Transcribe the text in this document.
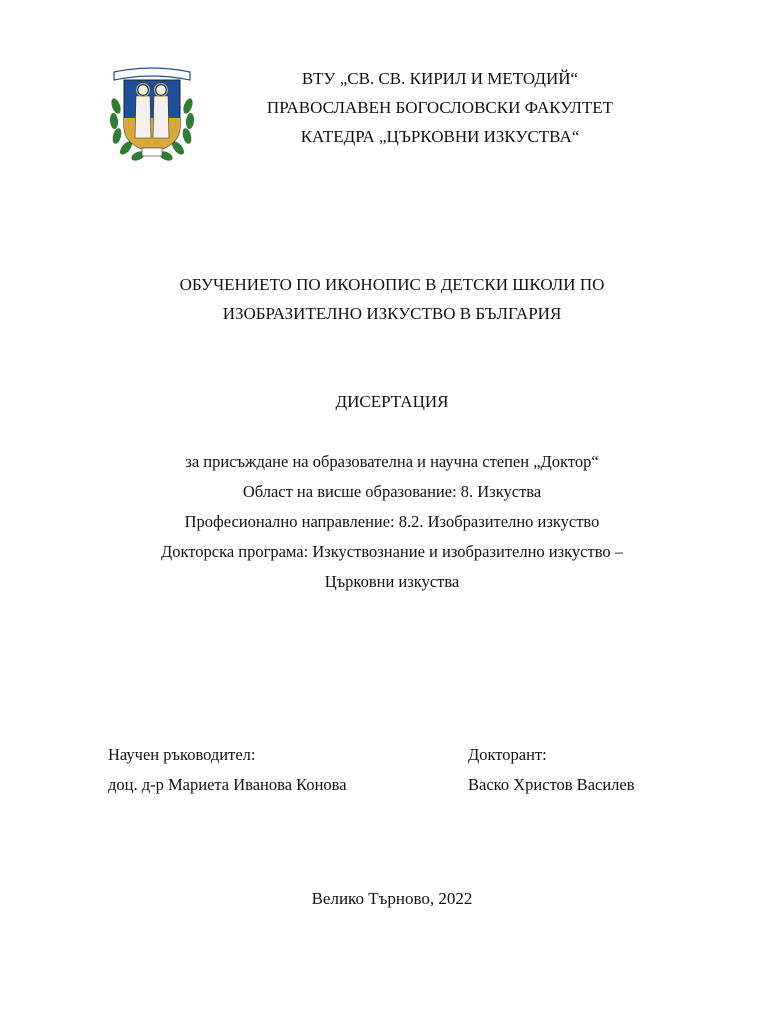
ВТУ „СВ. СВ. КИРИЛ И МЕТОДИЙ“
ПРАВОСЛАВЕН БОГОСЛОВСКИ ФАКУЛТЕТ
КАТЕДРА „ЦЪРКОВНИ ИЗКУСТВА“
ОБУЧЕНИЕТО ПО ИКОНОПИС В ДЕТСКИ ШКОЛИ ПО
ИЗОБРАЗИТЕЛНО ИЗКУСТВО В БЪЛГАРИЯ
ДИСЕРТАЦИЯ
за присъждане на образователна и научна степен „Доктор“
Област на висше образование: 8. Изкуства
Професионално направление: 8.2. Изобразително изкуство
Докторска програма: Изкуствознание и изобразително изкуство –
Църковни изкуства
Научен ръководител:
доц. д-р Мариета Иванова Конова
Докторант:
Васко Христов Василев
Велико Търново, 2022
